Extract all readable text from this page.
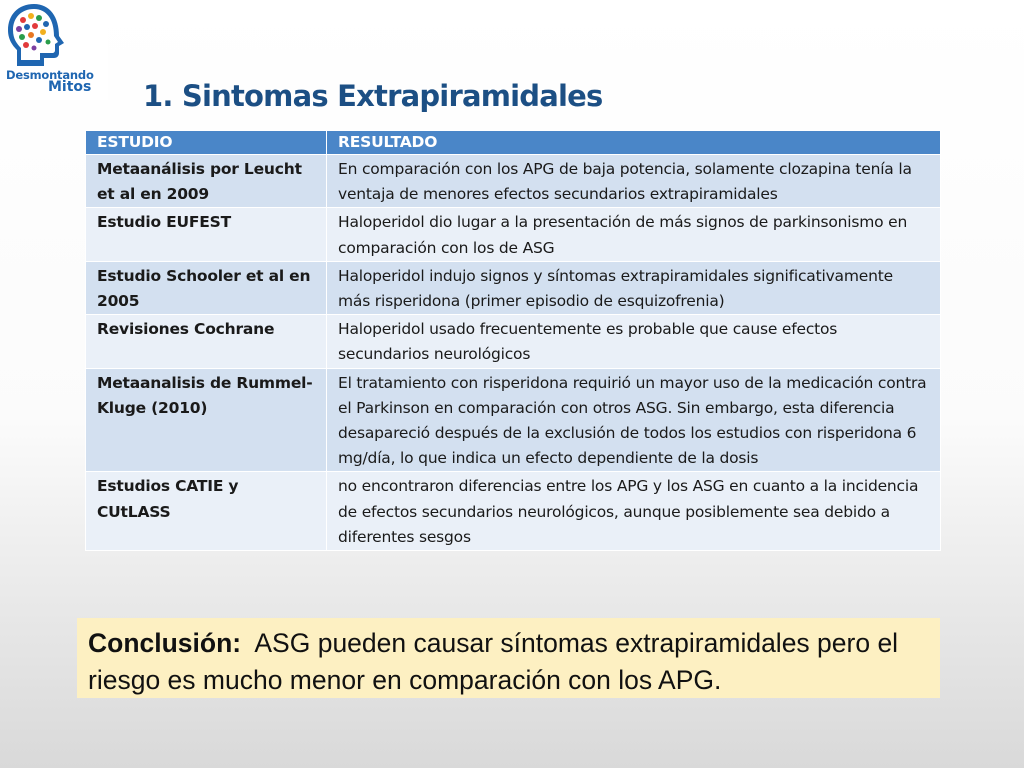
Desmontando
Mitos 1. Sintomas Extrapiramidales
ESTUDIO	RESULTADO
Metaanálisis por Leucht et al en 2009	En comparación con los APG de baja potencia, solamente clozapina tenía la ventaja de menores efectos secundarios extrapiramidales
Estudio EUFEST	Haloperidol dio lugar a la presentación de más signos de parkinsonismo en comparación con los de ASG
Estudio Schooler et al en 2005	Haloperidol indujo signos y síntomas extrapiramidales significativamente más risperidona (primer episodio de esquizofrenia)
Revisiones Cochrane	Haloperidol usado frecuentemente es probable que cause efectos secundarios neurológicos
Metaanalisis de Rummel-Kluge (2010)	El tratamiento con risperidona requirió un mayor uso de la medicación contra el Parkinson en comparación con otros ASG. Sin embargo, esta diferencia desapareció después de la exclusión de todos los estudios con risperidona 6 mg/día, lo que indica un efecto dependiente de la dosis
Estudios CATIE y CUtLASS	no encontraron diferencias entre los APG y los ASG en cuanto a la incidencia de efectos secundarios neurológicos, aunque posiblemente sea debido a diferentes sesgos
Conclusión: ASG pueden causar síntomas extrapiramidales pero el riesgo es mucho menor en comparación con los APG.
